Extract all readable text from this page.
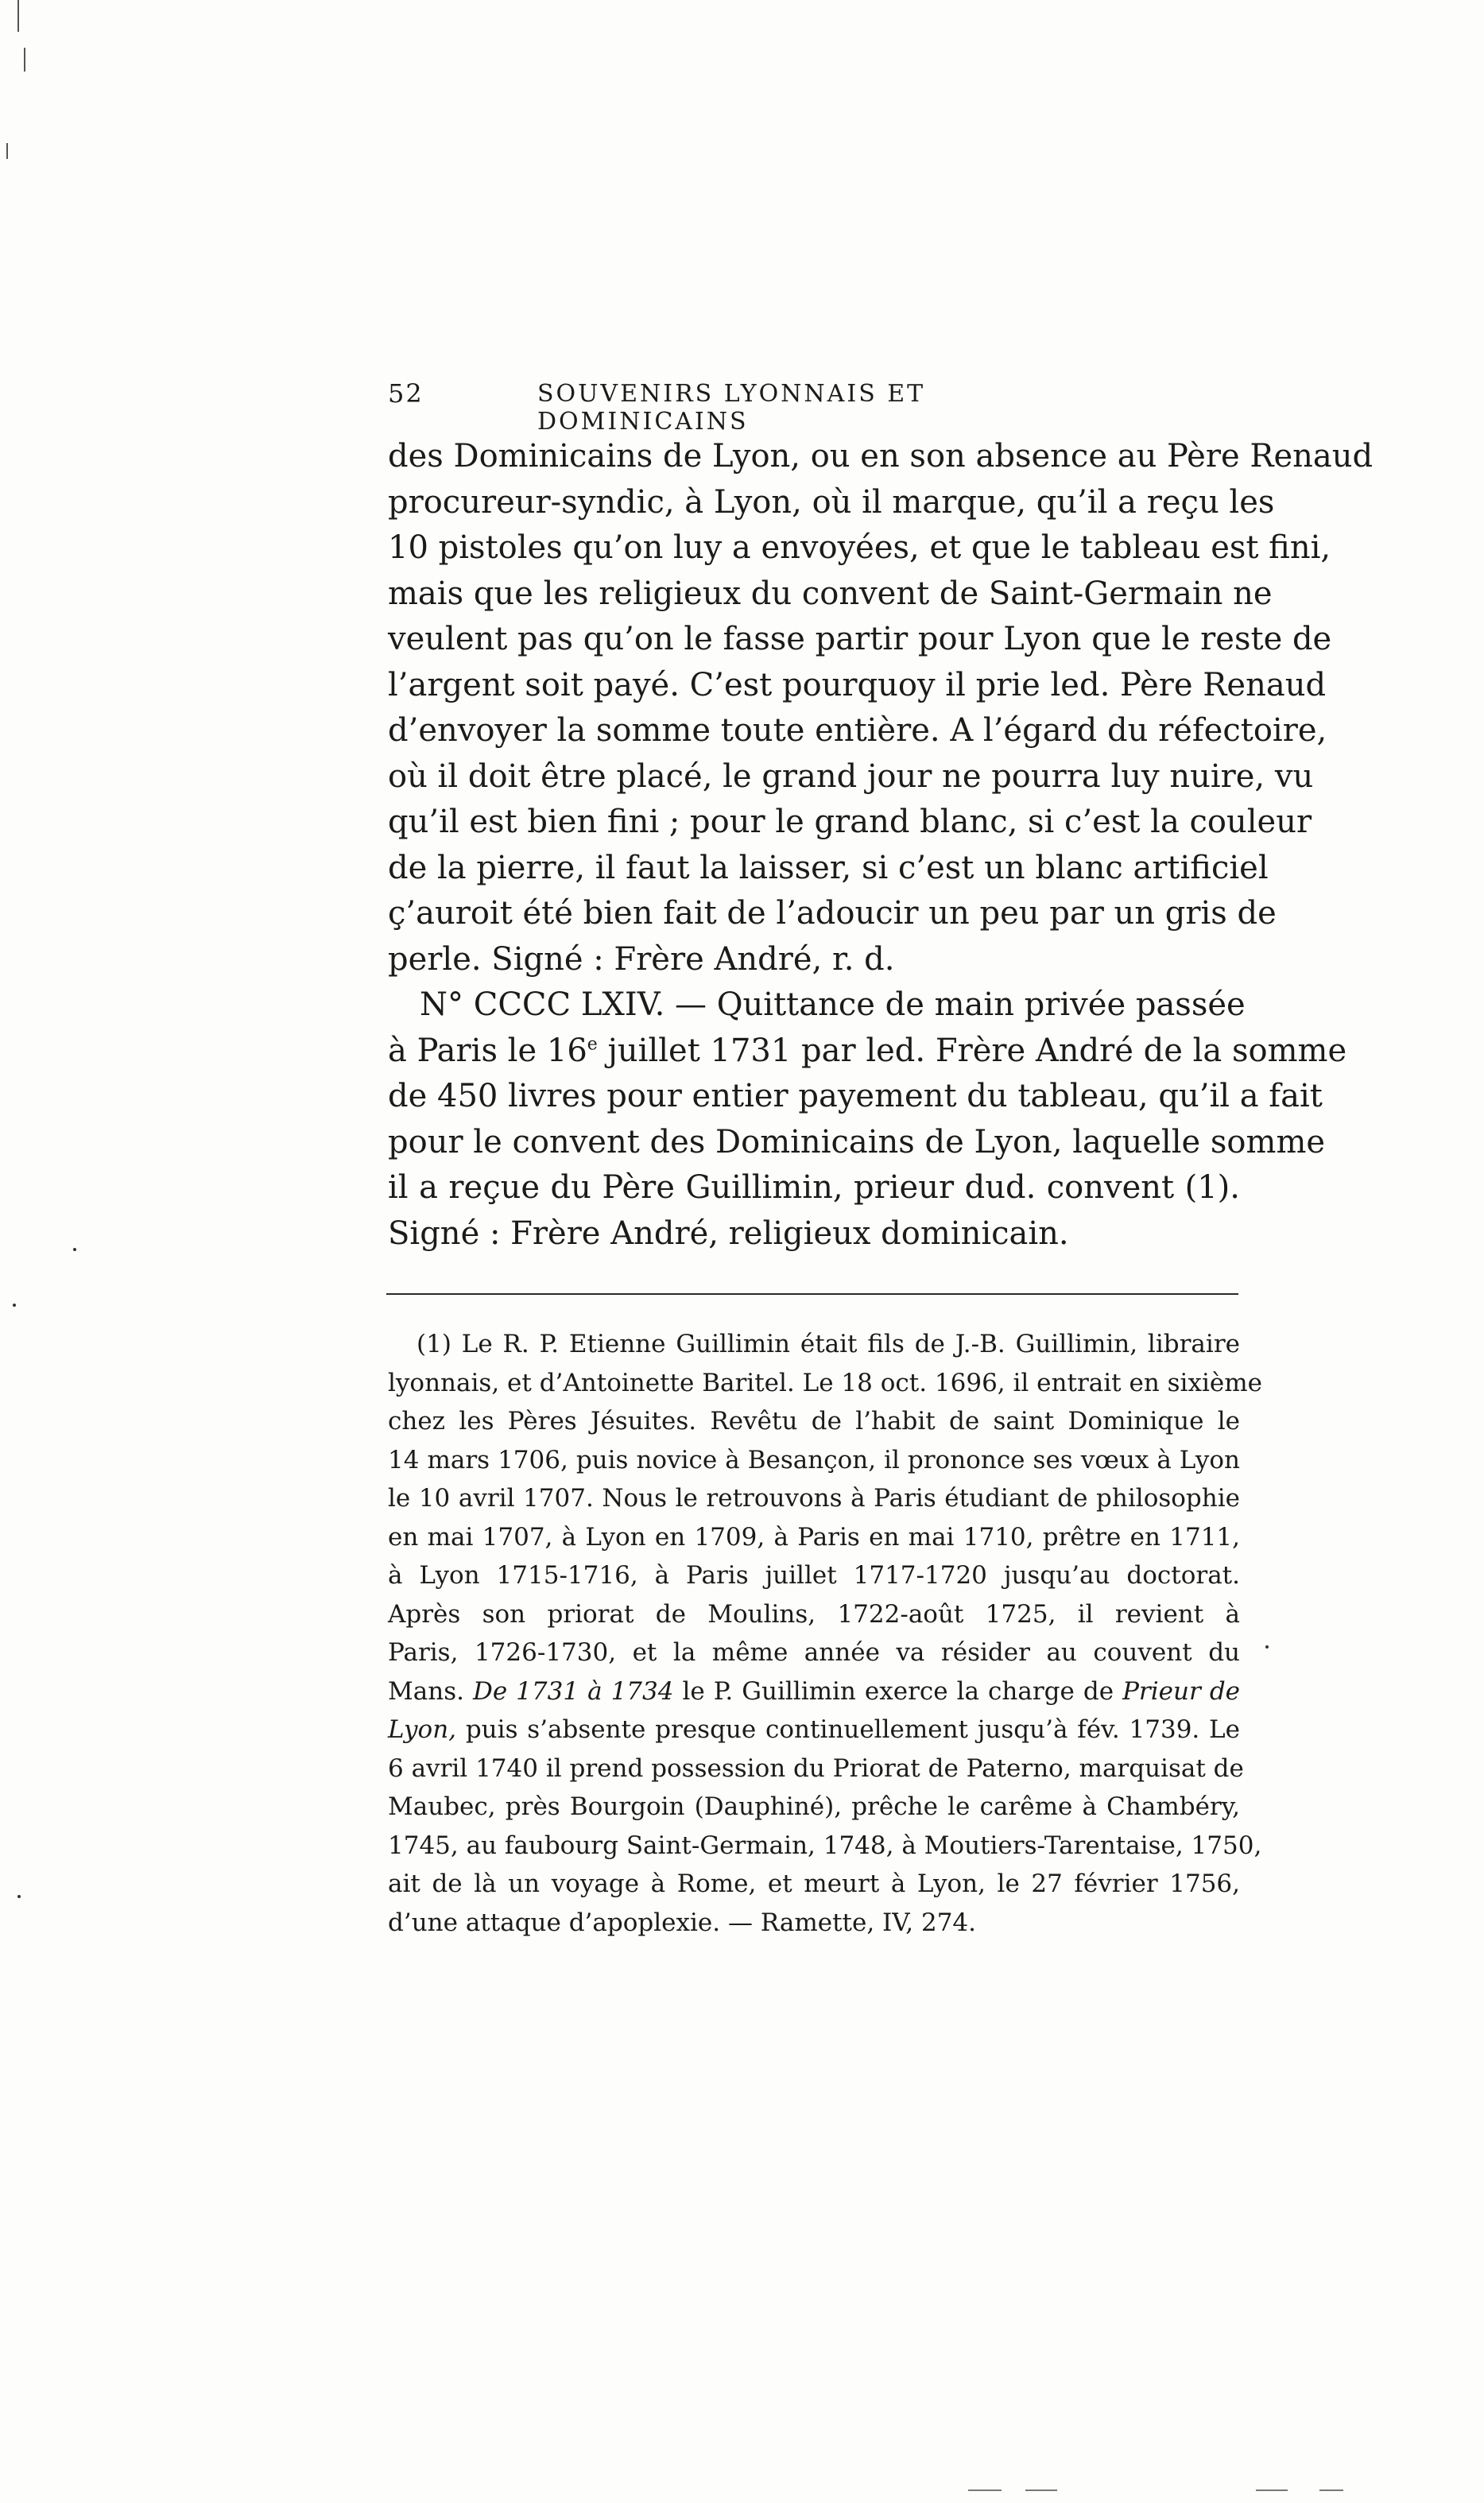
52	SOUVENIRS LYONNAIS ET DOMINICAINS
des Dominicains de Lyon, ou en son absence au Père Renaud
procureur-syndic, à Lyon, où il marque, qu’il a reçu les
10 pistoles qu’on luy a envoyées, et que le tableau est fini,
mais que les religieux du convent de Saint-Germain ne
veulent pas qu’on le fasse partir pour Lyon que le reste de
l’argent soit payé. C’est pourquoy il prie led. Père Renaud
d’envoyer la somme toute entière. A l’égard du réfectoire,
où il doit être placé, le grand jour ne pourra luy nuire, vu
qu’il est bien fini ; pour le grand blanc, si c’est la couleur
de la pierre, il faut la laisser, si c’est un blanc artificiel
ç’auroit été bien fait de l’adoucir un peu par un gris de
perle. Signé : Frère André, r. d.
N° CCCC LXIV. — Quittance de main privée passée
à Paris le 16e juillet 1731 par led. Frère André de la somme
de 450 livres pour entier payement du tableau, qu’il a fait
pour le convent des Dominicains de Lyon, laquelle somme
il a reçue du Père Guillimin, prieur dud. convent (1).
Signé : Frère André, religieux dominicain.
(1) Le R. P. Etienne Guillimin était fils de J.-B. Guillimin, libraire
lyonnais, et d’Antoinette Baritel. Le 18 oct. 1696, il entrait en sixième
chez les Pères Jésuites. Revêtu de l’habit de saint Dominique le
14 mars 1706, puis novice à Besançon, il prononce ses vœux à Lyon
le 10 avril 1707. Nous le retrouvons à Paris étudiant de philosophie
en mai 1707, à Lyon en 1709, à Paris en mai 1710, prêtre en 1711,
à Lyon 1715-1716, à Paris juillet 1717-1720 jusqu’au doctorat.
Après son priorat de Moulins, 1722-août 1725, il revient à
Paris, 1726-1730, et la même année va résider au couvent du
Mans. De 1731 à 1734 le P. Guillimin exerce la charge de Prieur de
Lyon, puis s’absente presque continuellement jusqu’à fév. 1739. Le
6 avril 1740 il prend possession du Priorat de Paterno, marquisat de
Maubec, près Bourgoin (Dauphiné), prêche le carême à Chambéry,
1745, au faubourg Saint-Germain, 1748, à Moutiers-Tarentaise, 1750,
ait de là un voyage à Rome, et meurt à Lyon, le 27 février 1756,
d’une attaque d’apoplexie. — Ramette, IV, 274.
